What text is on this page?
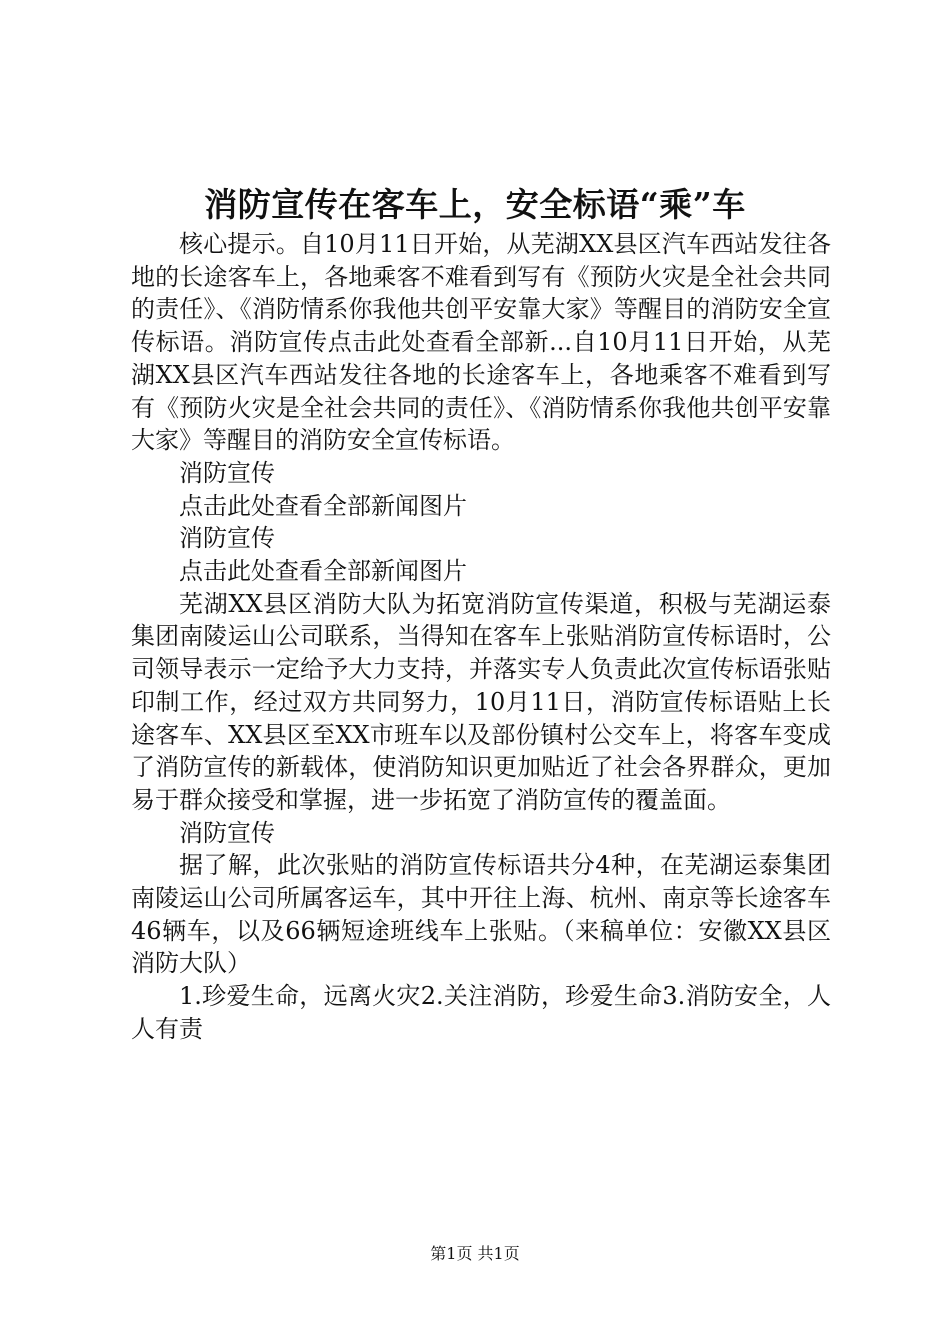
消防宣传在客车上，安全标语“乘”车

核心提示。自10月11日开始，从芜湖XX县区汽车西站发往各地的长途客车上，各地乘客不难看到写有《预防火灾是全社会共同的责任》、《消防情系你我他共创平安靠大家》等醒目的消防安全宣传标语。消防宣传点击此处查看全部新...自10月11日开始，从芜湖XX县区汽车西站发往各地的长途客车上，各地乘客不难看到写有《预防火灾是全社会共同的责任》、《消防情系你我他共创平安靠大家》等醒目的消防安全宣传标语。

消防宣传

点击此处查看全部新闻图片

消防宣传

点击此处查看全部新闻图片

芜湖XX县区消防大队为拓宽消防宣传渠道，积极与芜湖运泰集团南陵运山公司联系，当得知在客车上张贴消防宣传标语时，公司领导表示一定给予大力支持，并落实专人负责此次宣传标语张贴印制工作，经过双方共同努力，10月11日，消防宣传标语贴上长途客车、XX县区至XX市班车以及部份镇村公交车上，将客车变成了消防宣传的新载体，使消防知识更加贴近了社会各界群众，更加易于群众接受和掌握，进一步拓宽了消防宣传的覆盖面。

消防宣传

据了解，此次张贴的消防宣传标语共分4种，在芜湖运泰集团南陵运山公司所属客运车，其中开往上海、杭州、南京等长途客车46辆车，以及66辆短途班线车上张贴。（来稿单位：安徽XX县区消防大队）

1.珍爱生命，远离火灾2.关注消防，珍爱生命3.消防安全，人人有责

第1页 共1页
